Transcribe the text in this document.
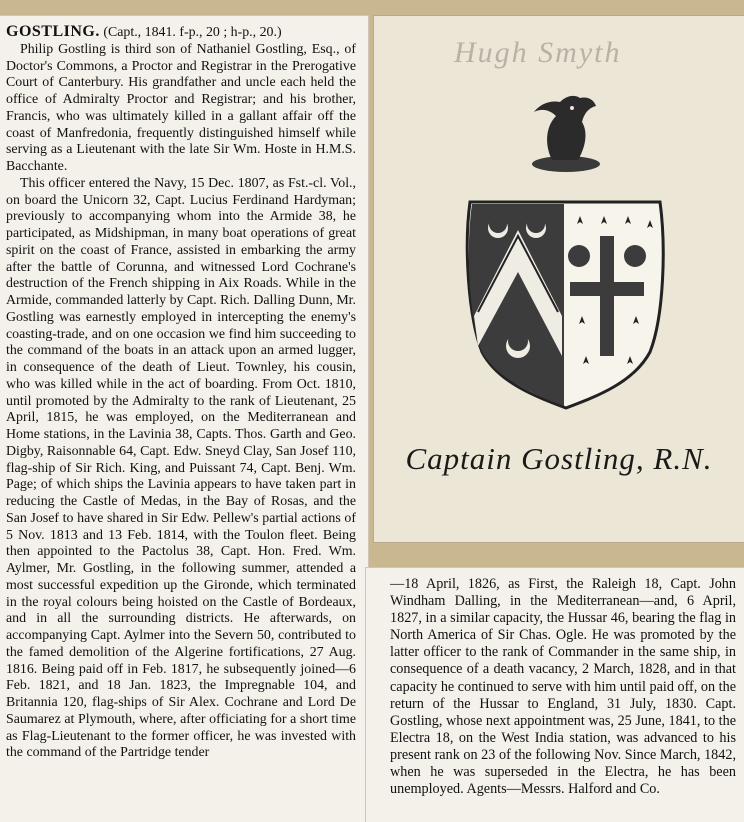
GOSTLING. (Capt., 1841. f-p., 20 ; h-p., 20.)

Philip Gostling is third son of Nathaniel Gostling, Esq., of Doctor's Commons, a Proctor and Registrar in the Prerogative Court of Canterbury. His grandfather and uncle each held the office of Admiralty Proctor and Registrar; and his brother, Francis, who was ultimately killed in a gallant affair off the coast of Manfredonia, frequently distinguished himself while serving as a Lieutenant with the late Sir Wm. Hoste in H.M.S. Bacchante.

This officer entered the Navy, 15 Dec. 1807, as Fst.-cl. Vol., on board the Unicorn 32, Capt. Lucius Ferdinand Hardyman; previously to accompanying whom into the Armide 38, he participated, as Midshipman, in many boat operations of great spirit on the coast of France, assisted in embarking the army after the battle of Corunna, and witnessed Lord Cochrane's destruction of the French shipping in Aix Roads. While in the Armide, commanded latterly by Capt. Rich. Dalling Dunn, Mr. Gostling was earnestly employed in intercepting the enemy's coasting-trade, and on one occasion we find him succeeding to the command of the boats in an attack upon an armed lugger, in consequence of the death of Lieut. Townley, his cousin, who was killed while in the act of boarding. From Oct. 1810, until promoted by the Admiralty to the rank of Lieutenant, 25 April, 1815, he was employed, on the Mediterranean and Home stations, in the Lavinia 38, Capts. Thos. Garth and Geo. Digby, Raisonnable 64, Capt. Edw. Sneyd Clay, San Josef 110, flag-ship of Sir Rich. King, and Puissant 74, Capt. Benj. Wm. Page; of which ships the Lavinia appears to have taken part in reducing the Castle of Medas, in the Bay of Rosas, and the San Josef to have shared in Sir Edw. Pellew's partial actions of 5 Nov. 1813 and 13 Feb. 1814, with the Toulon fleet. Being then appointed to the Pactolus 38, Capt. Hon. Fred. Wm. Aylmer, Mr. Gostling, in the following summer, attended a most successful expedition up the Gironde, which terminated in the royal colours being hoisted on the Castle of Bordeaux, and in all the surrounding districts. He afterwards, on accompanying Capt. Aylmer into the Severn 50, contributed to the famed demolition of the Algerine fortifications, 27 Aug. 1816. Being paid off in Feb. 1817, he subsequently joined—6 Feb. 1821, and 18 Jan. 1823, the Impregnable 104, and Britannia 120, flag-ships of Sir Alex. Cochrane and Lord De Saumarez at Plymouth, where, after officiating for a short time as Flag-Lieutenant to the former officer, he was invested with the command of the Partridge tender

Hugh Smyth
Captain Gostling, R.N.

—18 April, 1826, as First, the Raleigh 18, Capt. John Windham Dalling, in the Mediterranean—and, 6 April, 1827, in a similar capacity, the Hussar 46, bearing the flag in North America of Sir Chas. Ogle. He was promoted by the latter officer to the rank of Commander in the same ship, in consequence of a death vacancy, 2 March, 1828, and in that capacity he continued to serve with him until paid off, on the return of the Hussar to England, 31 July, 1830. Capt. Gostling, whose next appointment was, 25 June, 1841, to the Electra 18, on the West India station, was advanced to his present rank on 23 of the following Nov. Since March, 1842, when he was superseded in the Electra, he has been unemployed. Agents—Messrs. Halford and Co.
